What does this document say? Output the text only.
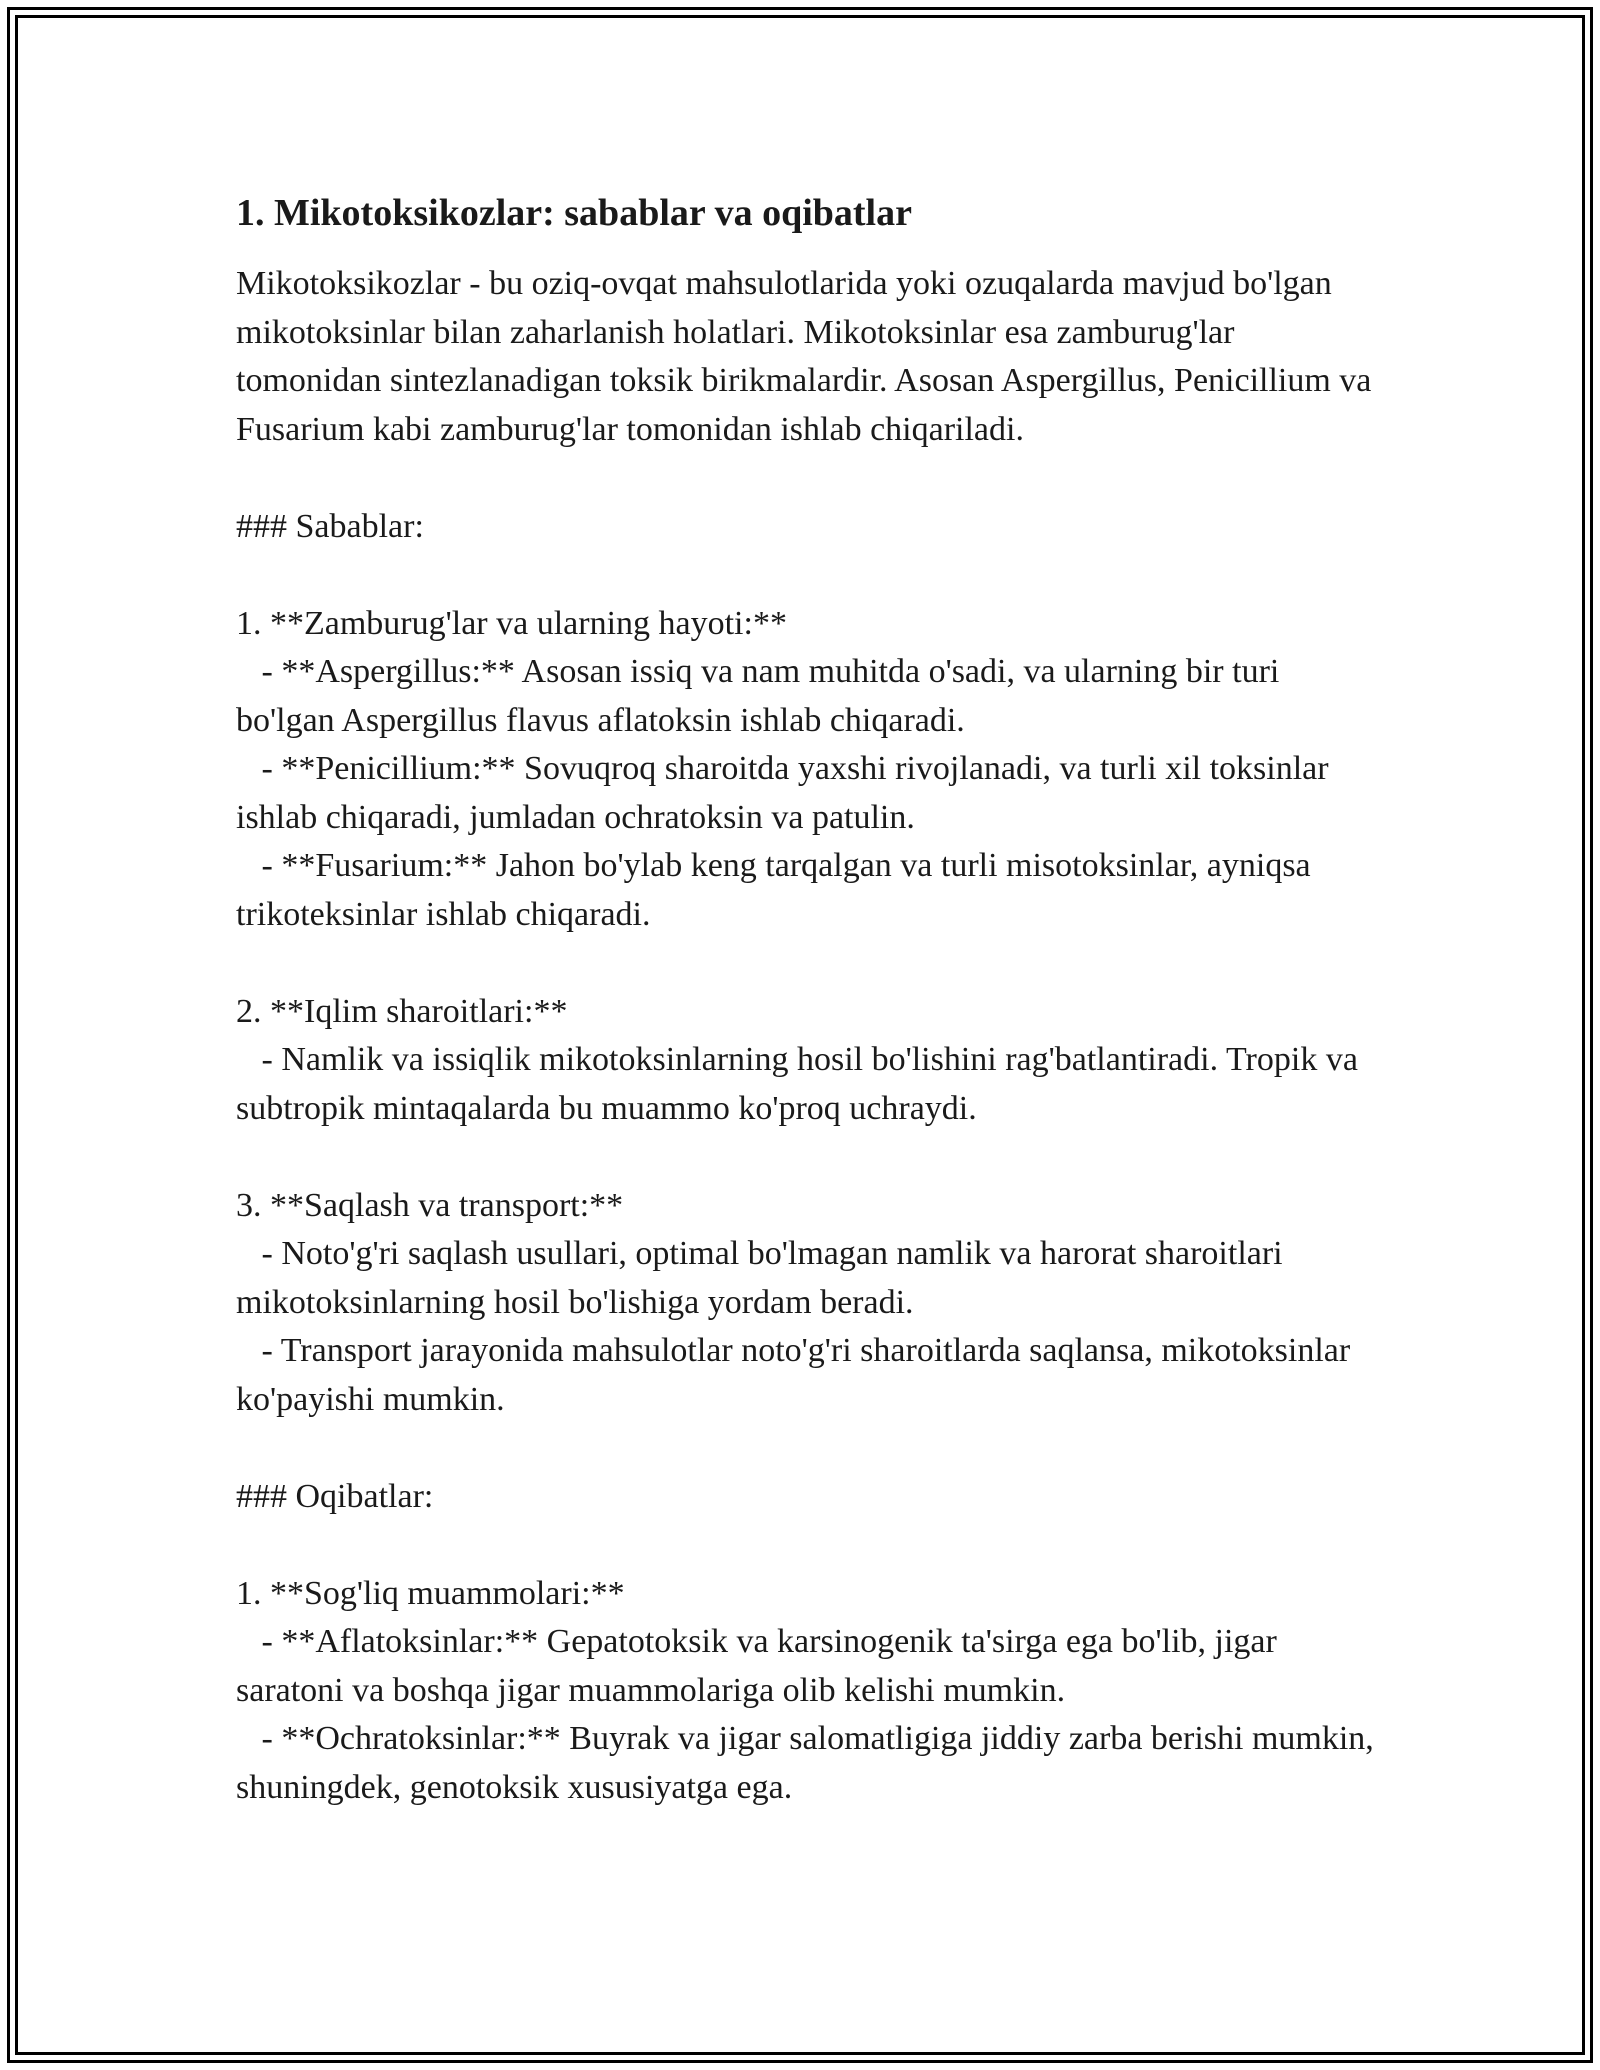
1. Mikotoksikozlar: sabablar va oqibatlar

Mikotoksikozlar - bu oziq-ovqat mahsulotlarida yoki ozuqalarda mavjud bo'lgan mikotoksinlar bilan zaharlanish holatlari. Mikotoksinlar esa zamburug'lar tomonidan sintezlanadigan toksik birikmalardir. Asosan Aspergillus, Penicillium va Fusarium kabi zamburug'lar tomonidan ishlab chiqariladi.

### Sabablar:

1. **Zamburug'lar va ularning hayoti:**
- **Aspergillus:** Asosan issiq va nam muhitda o'sadi, va ularning bir turi bo'lgan Aspergillus flavus aflatoksin ishlab chiqaradi.
- **Penicillium:** Sovuqroq sharoitda yaxshi rivojlanadi, va turli xil toksinlar ishlab chiqaradi, jumladan ochratoksin va patulin.
- **Fusarium:** Jahon bo'ylab keng tarqalgan va turli misotoksinlar, ayniqsa trikoteksinlar ishlab chiqaradi.

2. **Iqlim sharoitlari:**
- Namlik va issiqlik mikotoksinlarning hosil bo'lishini rag'batlantiradi. Tropik va subtropik mintaqalarda bu muammo ko'proq uchraydi.

3. **Saqlash va transport:**
- Noto'g'ri saqlash usullari, optimal bo'lmagan namlik va harorat sharoitlari mikotoksinlarning hosil bo'lishiga yordam beradi.
- Transport jarayonida mahsulotlar noto'g'ri sharoitlarda saqlansa, mikotoksinlar ko'payishi mumkin.

### Oqibatlar:

1. **Sog'liq muammolari:**
- **Aflatoksinlar:** Gepatotoksik va karsinogenik ta'sirga ega bo'lib, jigar saratoni va boshqa jigar muammolariga olib kelishi mumkin.
- **Ochratoksinlar:** Buyrak va jigar salomatligiga jiddiy zarba berishi mumkin, shuningdek, genotoksik xususiyatga ega.
